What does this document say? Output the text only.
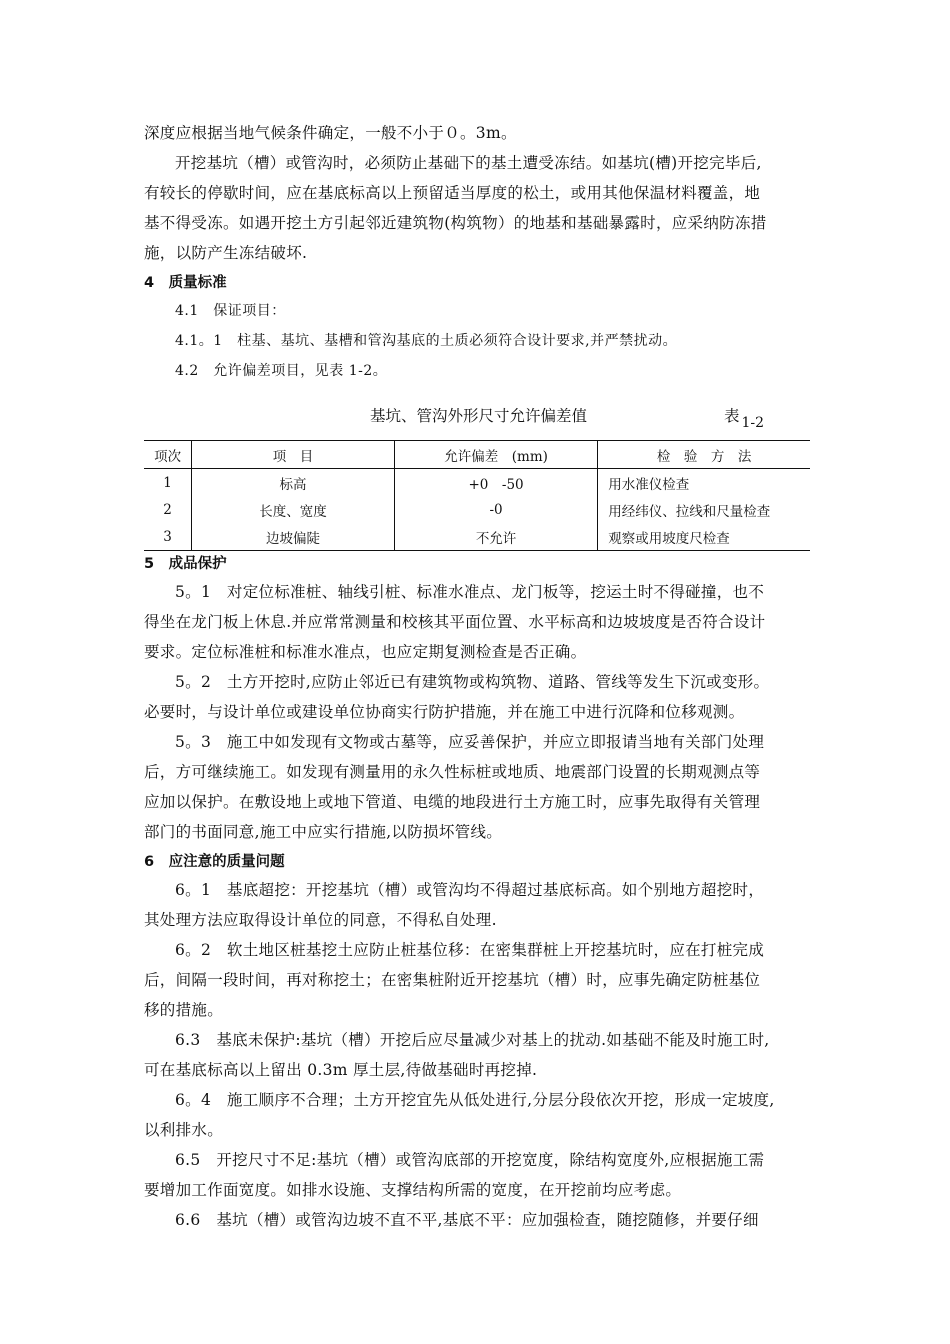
深度应根据当地气候条件确定，一般不小于０。3m。
开挖基坑（槽）或管沟时，必须防止基础下的基土遭受冻结。如基坑(槽)开挖完毕后,
有较长的停歇时间，应在基底标高以上预留适当厚度的松土，或用其他保温材料覆盖，地
基不得受冻。如遇开挖土方引起邻近建筑物(构筑物）的地基和基础暴露时，应采纳防冻措
施，以防产生冻结破坏.
4　质量标准
4.1　保证项目：
4.1。1　柱基、基坑、基槽和管沟基底的土质必须符合设计要求,并严禁扰动。
4.2　允许偏差项目，见表 1-2。
基坑、管沟外形尺寸允许偏差值	表 1-2
项次	项　目	允许偏差　(mm)	检　验　方　法
1	标高	+0　-50	用水准仪检查
2	长度、宽度	-0	用经纬仪、拉线和尺量检查
3	边坡偏陡	不允许	观察或用坡度尺检查
5　成品保护
5。1　对定位标准桩、轴线引桩、标准水准点、龙门板等，挖运土时不得碰撞，也不
得坐在龙门板上休息.并应常常测量和校核其平面位置、水平标高和边坡坡度是否符合设计
要求。定位标准桩和标准水准点，也应定期复测检查是否正确。
5。2　土方开挖时,应防止邻近已有建筑物或构筑物、道路、管线等发生下沉或变形。
必要时，与设计单位或建设单位协商实行防护措施，并在施工中进行沉降和位移观测。
5。3　施工中如发现有文物或古墓等，应妥善保护，并应立即报请当地有关部门处理
后，方可继续施工。如发现有测量用的永久性标桩或地质、地震部门设置的长期观测点等
应加以保护。在敷设地上或地下管道、电缆的地段进行土方施工时，应事先取得有关管理
部门的书面同意,施工中应实行措施,以防损坏管线。
6　应注意的质量问题
6。1　基底超挖：开挖基坑（槽）或管沟均不得超过基底标高。如个别地方超挖时，
其处理方法应取得设计单位的同意，不得私自处理.
6。2　软土地区桩基挖土应防止桩基位移：在密集群桩上开挖基坑时，应在打桩完成
后，间隔一段时间，再对称挖土；在密集桩附近开挖基坑（槽）时，应事先确定防桩基位
移的措施。
6.3　基底未保护:基坑（槽）开挖后应尽量减少对基上的扰动.如基础不能及时施工时,
可在基底标高以上留出 0.3m 厚土层,待做基础时再挖掉.
6。4　施工顺序不合理；土方开挖宜先从低处进行,分层分段依次开挖，形成一定坡度,
以利排水。
6.5　开挖尺寸不足:基坑（槽）或管沟底部的开挖宽度，除结构宽度外,应根据施工需
要增加工作面宽度。如排水设施、支撑结构所需的宽度，在开挖前均应考虑。
6.6　基坑（槽）或管沟边坡不直不平,基底不平：应加强检查，随挖随修，并要仔细
